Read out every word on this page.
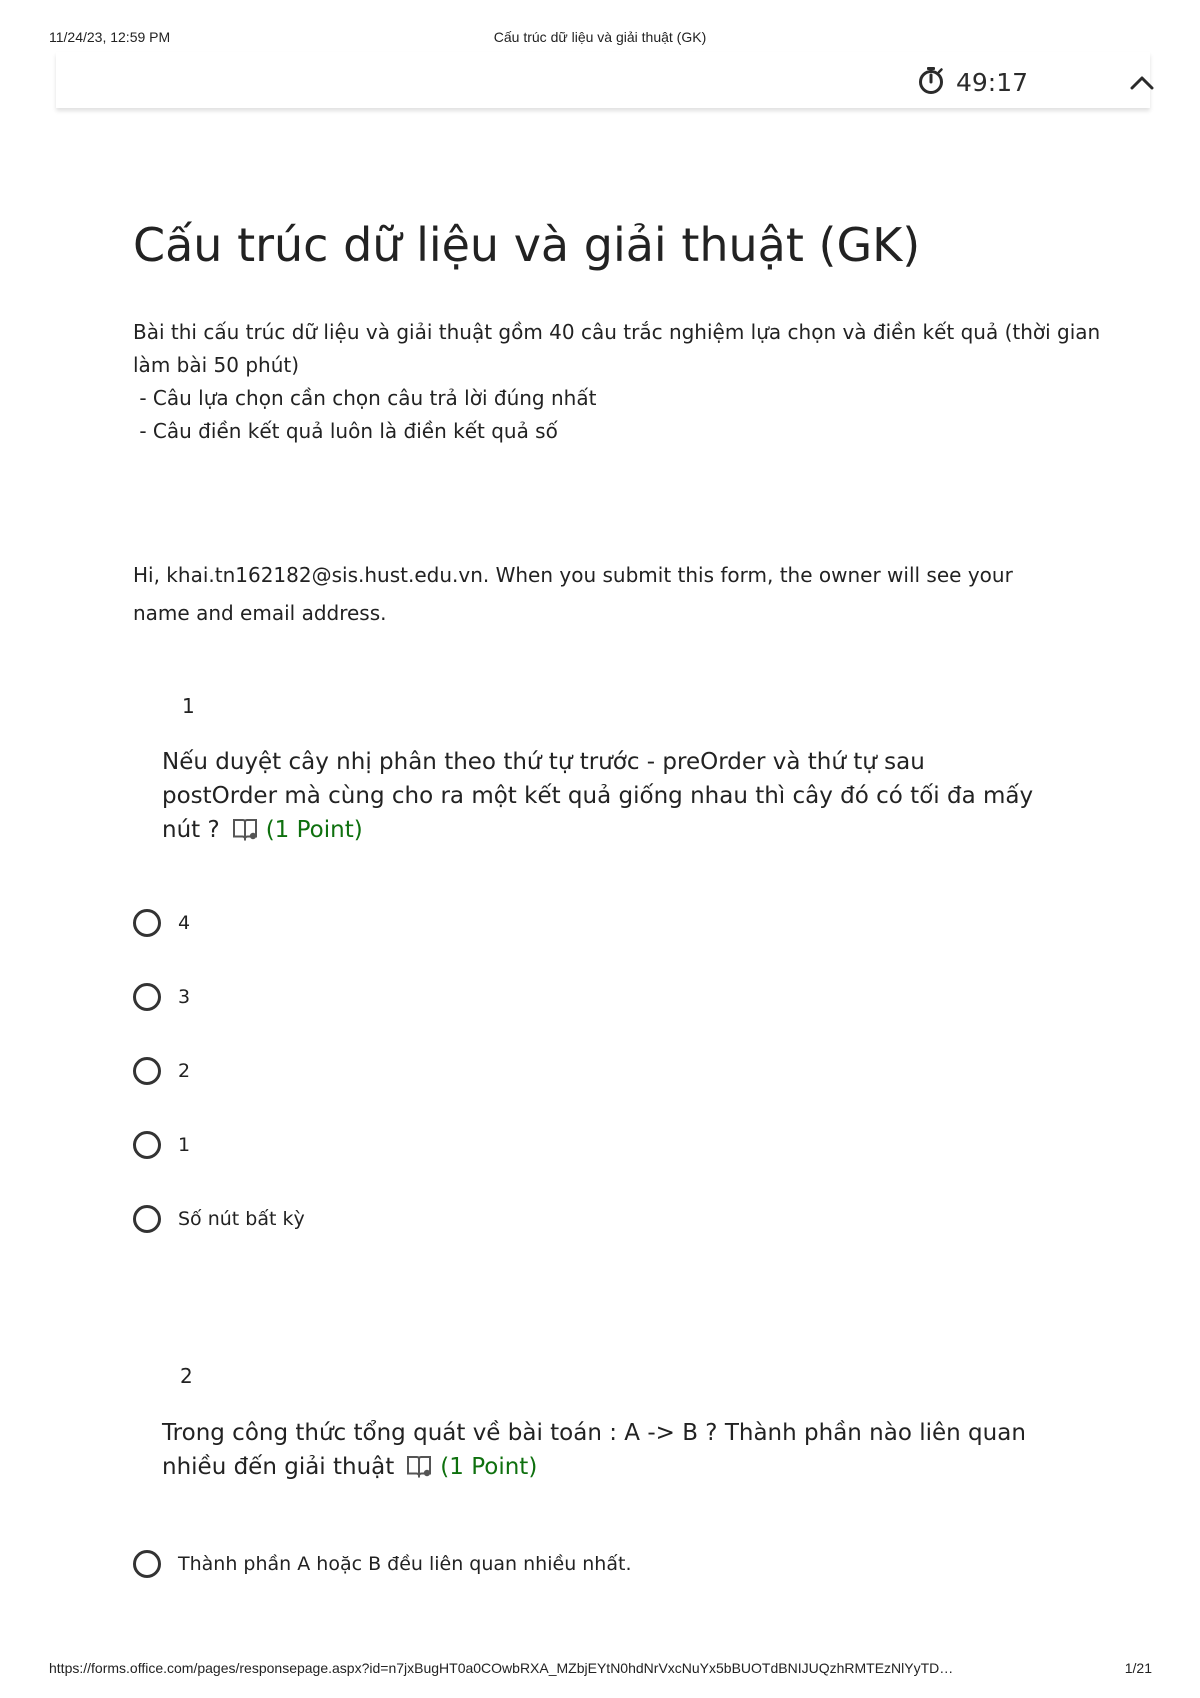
11/24/23, 12:59 PM	Cấu trúc dữ liệu và giải thuật (GK)
49:17
Cấu trúc dữ liệu và giải thuật (GK)
Bài thi cấu trúc dữ liệu và giải thuật gồm 40 câu trắc nghiệm lựa chọn và điền kết quả (thời gian làm bài 50 phút)
- Câu lựa chọn cần chọn câu trả lời đúng nhất
- Câu điền kết quả luôn là điền kết quả số
Hi, khai.tn162182@sis.hust.edu.vn. When you submit this form, the owner will see your name and email address.
1
Nếu duyệt cây nhị phân theo thứ tự trước - preOrder và thứ tự sau postOrder mà cùng cho ra một kết quả giống nhau thì cây đó có tối đa mấy nút ? (1 Point)
4
3
2
1
Số nút bất kỳ
2
Trong công thức tổng quát về bài toán : A -> B ? Thành phần nào liên quan nhiều đến giải thuật (1 Point)
Thành phần A hoặc B đều liên quan nhiều nhất.
https://forms.office.com/pages/responsepage.aspx?id=n7jxBugHT0a0COwbRXA_MZbjEYtN0hdNrVxcNuYx5bBUOTdBNIJUQzhRMTEzNlYyTD…	1/21
